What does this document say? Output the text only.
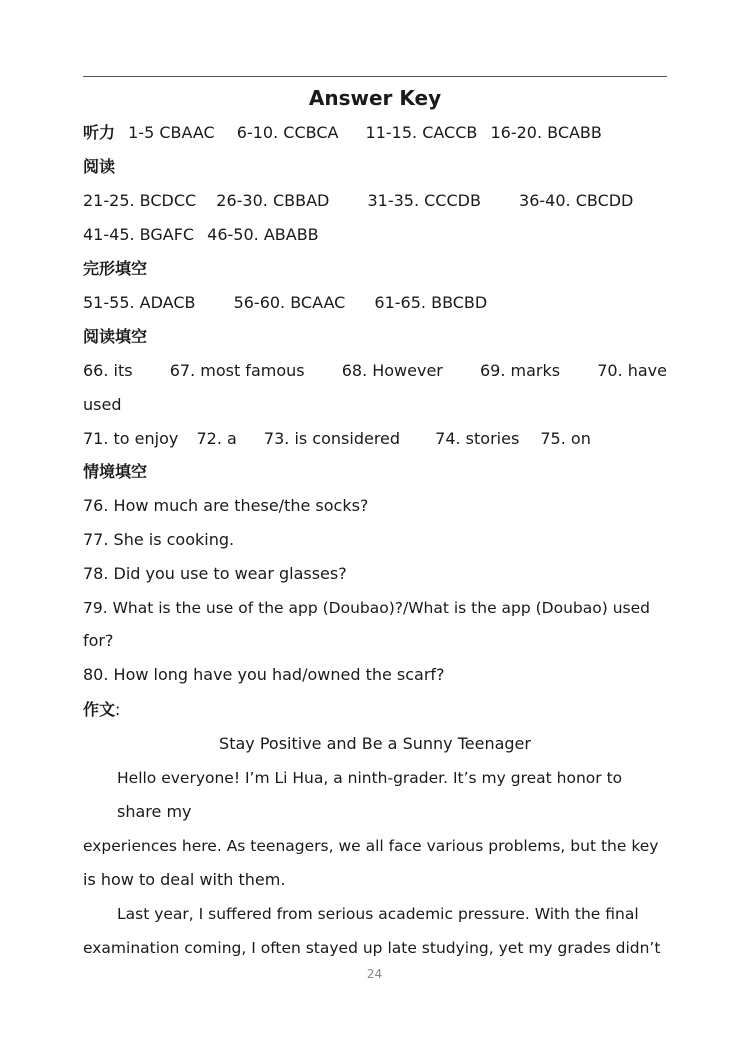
Answer Key
听力 1-5 CBAAC 6-10. CCBCA 11-15. CACCB 16-20. BCABB
阅读
21-25. BCDCC 26-30. CBBAD 31-35. CCCDB 36-40. CBCDD
41-45. BGAFC 46-50. ABABB
完形填空
51-55. ADACB 56-60. BCAAC 61-65. BBCBD
阅读填空
66. its 67. most famous 68. However 69. marks 70. have
used
71. to enjoy 72. a 73. is considered 74. stories 75. on
情境填空
76. How much are these/the socks?
77. She is cooking.
78. Did you use to wear glasses?
79. What is the use of the app (Doubao)?/What is the app (Doubao) used
for?
80. How long have you had/owned the scarf?
作文:
Stay Positive and Be a Sunny Teenager
Hello everyone! I’m Li Hua, a ninth-grader. It’s my great honor to
share my
experiences here. As teenagers, we all face various problems, but the key
is how to deal with them.
Last year, I suffered from serious academic pressure. With the final
examination coming, I often stayed up late studying, yet my grades didn’t
24
